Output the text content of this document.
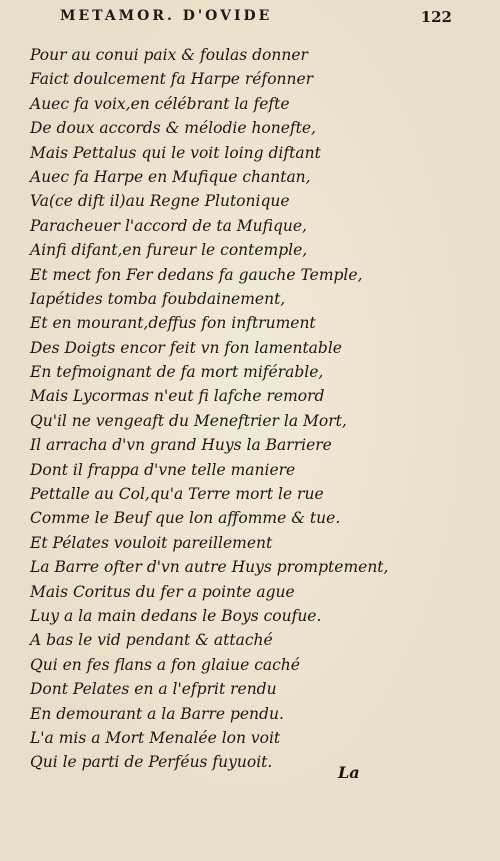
METAMOR. D'OVIDE	122
Pour au conui paix & foulas donner
Faict doulcement fa Harpe réfonner
Auec fa voix,en célébrant la fefte
De doux accords & mélodie honefte,
Mais Pettalus qui le voit loing diftant
Auec fa Harpe en Mufique chantan,
Va(ce dift il)au Regne Plutonique
Paracheuer l'accord de ta Mufique,
Ainfi difant,en fureur le contemple,
Et mect fon Fer dedans fa gauche Temple,
Iapétides tomba foubdainement,
Et en mourant,deffus fon inftrument
Des Doigts encor feit vn fon lamentable
En tefmoignant de fa mort miférable,
Mais Lycormas n'eut fi lafche remord
Qu'il ne vengeaft du Meneftrier la Mort,
Il arracha d'vn grand Huys la Barriere
Dont il frappa d'vne telle maniere
Pettalle au Col,qu'a Terre mort le rue
Comme le Beuf que lon affomme & tue.
Et Pélates vouloit pareillement
La Barre ofter d'vn autre Huys promptement,
Mais Coritus du fer a pointe ague
Luy a la main dedans le Boys coufue.
A bas le vid pendant & attaché
Qui en fes flans a fon glaiue caché
Dont Pelates en a l'efprit rendu
En demourant a la Barre pendu.
L'a mis a Mort Menalée lon voit
Qui le parti de Perféus fuyuoit.
La
